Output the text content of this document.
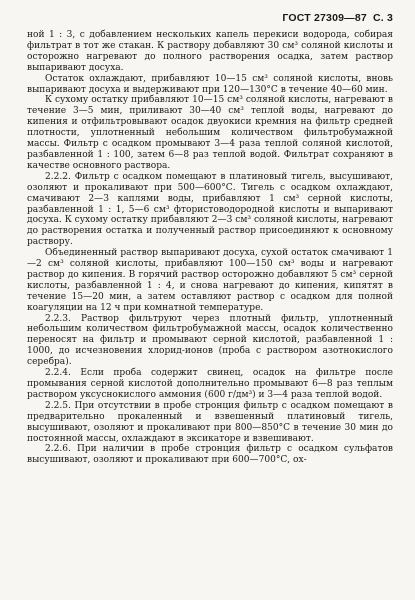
ГОСТ 27309—87 С. 3

ной 1 : 3, с добавлением нескольких капель перекиси водорода, собирая фильтрат в тот же стакан. К раствору добавляют 30 см³ соляной кислоты и осторожно нагревают до полного растворения осадка, затем раствор выпаривают досуха.

Остаток охлаждают, прибавляют 10—15 см³ соляной кислоты, вновь выпаривают досуха и выдерживают при 120—130°С в течение 40—60 мин.

К сухому остатку прибавляют 10—15 см³ соляной кислоты, нагревают в течение 3—5 мин, приливают 30—40 см³ теплой воды, нагревают до кипения и отфильтровывают осадок двуокиси кремния на фильтр средней плотности, уплотненный небольшим количеством фильтробумажной массы. Фильтр с осадком промывают 3—4 раза теплой соляной кислотой, разбавленной 1 : 100, затем 6—8 раз теплой водой. Фильтрат сохраняют в качестве основного раствора.

2.2.2. Фильтр с осадком помещают в платиновый тигель, высушивают, озоляют и прокаливают при 500—600°С. Тигель с осадком охлаждают, смачивают 2—3 каплями воды, прибавляют 1 см³ серной кислоты, разбавленной 1 : 1, 5—6 см³ фтористоводородной кислоты и выпаривают досуха. К сухому остатку прибавляют 2—3 см³ соляной кислоты, нагревают до растворения остатка и полученный раствор присоединяют к основному раствору.

Объединенный раствор выпаривают досуха, сухой остаток смачивают 1—2 см³ соляной кислоты, прибавляют 100—150 см³ воды и нагревают раствор до кипения. В горячий раствор осторожно добавляют 5 см³ серной кислоты, разбавленной 1 : 4, и снова нагревают до кипения, кипятят в течение 15—20 мин, а затем оставляют раствор с осадком для полной коагуляции на 12 ч при комнатной температуре.

2.2.3. Раствор фильтруют через плотный фильтр, уплотненный небольшим количеством фильтробумажной массы, осадок количественно переносят на фильтр и промывают серной кислотой, разбавленной 1 : 1000, до исчезновения хлорид-ионов (проба с раствором азотнокислого серебра).

2.2.4. Если проба содержит свинец, осадок на фильтре после промывания серной кислотой дополнительно промывают 6—8 раз теплым раствором уксуснокислого аммония (600 г/дм³) и 3—4 раза теплой водой.

2.2.5. При отсутствии в пробе стронция фильтр с осадком помещают в предварительно прокаленный и взвешенный платиновый тигель, высушивают, озоляют и прокаливают при 800—850°С в течение 30 мин до постоянной массы, охлаждают в эксикаторе и взвешивают.

2.2.6. При наличии в пробе стронция фильтр с осадком сульфатов высушивают, озоляют и прокаливают при 600—700°С, ох-
